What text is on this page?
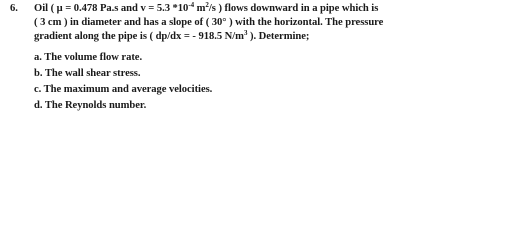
6. Oil ( μ = 0.478 Pa.s and v = 5.3 $*10^{-4}$ $m^2/s$ ) flows downward in a pipe which is
( 3 cm ) in diameter and has a slope of ( 30° ) with the horizontal. The pressure
gradient along the pipe is ( dp/dx = - 918.5 $N/m^3$ ). Determine;
a. The volume flow rate.
b. The wall shear stress.
c. The maximum and average velocities.
d. The Reynolds number.
